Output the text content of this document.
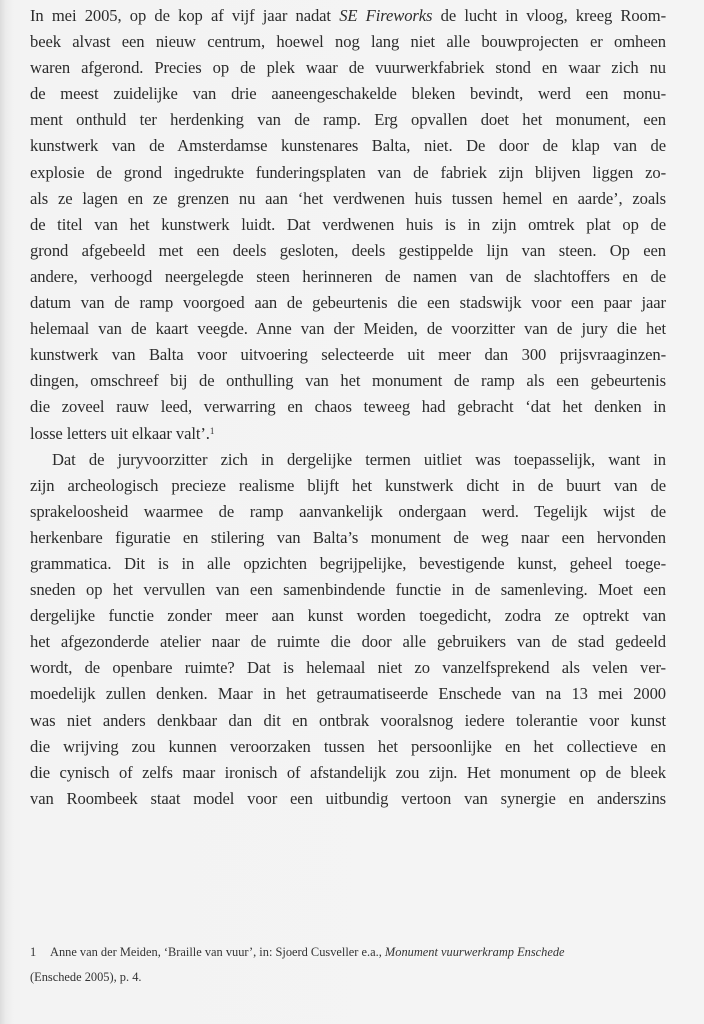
In mei 2005, op de kop af vijf jaar nadat SE Fireworks de lucht in vloog, kreeg Room-
beek alvast een nieuw centrum, hoewel nog lang niet alle bouwprojecten er omheen
waren afgerond. Precies op de plek waar de vuurwerkfabriek stond en waar zich nu
de meest zuidelijke van drie aaneengeschakelde bleken bevindt, werd een monu-
ment onthuld ter herdenking van de ramp. Erg opvallen doet het monument, een
kunstwerk van de Amsterdamse kunstenares Balta, niet. De door de klap van de
explosie de grond ingedrukte funderingsplaten van de fabriek zijn blijven liggen zo-
als ze lagen en ze grenzen nu aan ‘het verdwenen huis tussen hemel en aarde’, zoals
de titel van het kunstwerk luidt. Dat verdwenen huis is in zijn omtrek plat op de
grond afgebeeld met een deels gesloten, deels gestippelde lijn van steen. Op een
andere, verhoogd neergelegde steen herinneren de namen van de slachtoffers en de
datum van de ramp voorgoed aan de gebeurtenis die een stadswijk voor een paar jaar
helemaal van de kaart veegde. Anne van der Meiden, de voorzitter van de jury die het
kunstwerk van Balta voor uitvoering selecteerde uit meer dan 300 prijsvraaginzen-
dingen, omschreef bij de onthulling van het monument de ramp als een gebeurtenis
die zoveel rauw leed, verwarring en chaos teweeg had gebracht ‘dat het denken in
losse letters uit elkaar valt’.$^1$
Dat de juryvoorzitter zich in dergelijke termen uitliet was toepasselijk, want in
zijn archeologisch precieze realisme blijft het kunstwerk dicht in de buurt van de
sprakeloosheid waarmee de ramp aanvankelijk ondergaan werd. Tegelijk wijst de
herkenbare figuratie en stilering van Balta’s monument de weg naar een hervonden
grammatica. Dit is in alle opzichten begrijpelijke, bevestigende kunst, geheel toege-
sneden op het vervullen van een samenbindende functie in de samenleving. Moet een
dergelijke functie zonder meer aan kunst worden toegedicht, zodra ze optrekt van
het afgezonderde atelier naar de ruimte die door alle gebruikers van de stad gedeeld
wordt, de openbare ruimte? Dat is helemaal niet zo vanzelfsprekend als velen ver-
moedelijk zullen denken. Maar in het getraumatiseerde Enschede van na 13 mei 2000
was niet anders denkbaar dan dit en ontbrak vooralsnog iedere tolerantie voor kunst
die wrijving zou kunnen veroorzaken tussen het persoonlijke en het collectieve en
die cynisch of zelfs maar ironisch of afstandelijk zou zijn. Het monument op de bleek
van Roombeek staat model voor een uitbundig vertoon van synergie en anderszins
1 Anne van der Meiden, ‘Braille van vuur’, in: Sjoerd Cusveller e.a., Monument vuurwerkramp Enschede
(Enschede 2005), p. 4.
